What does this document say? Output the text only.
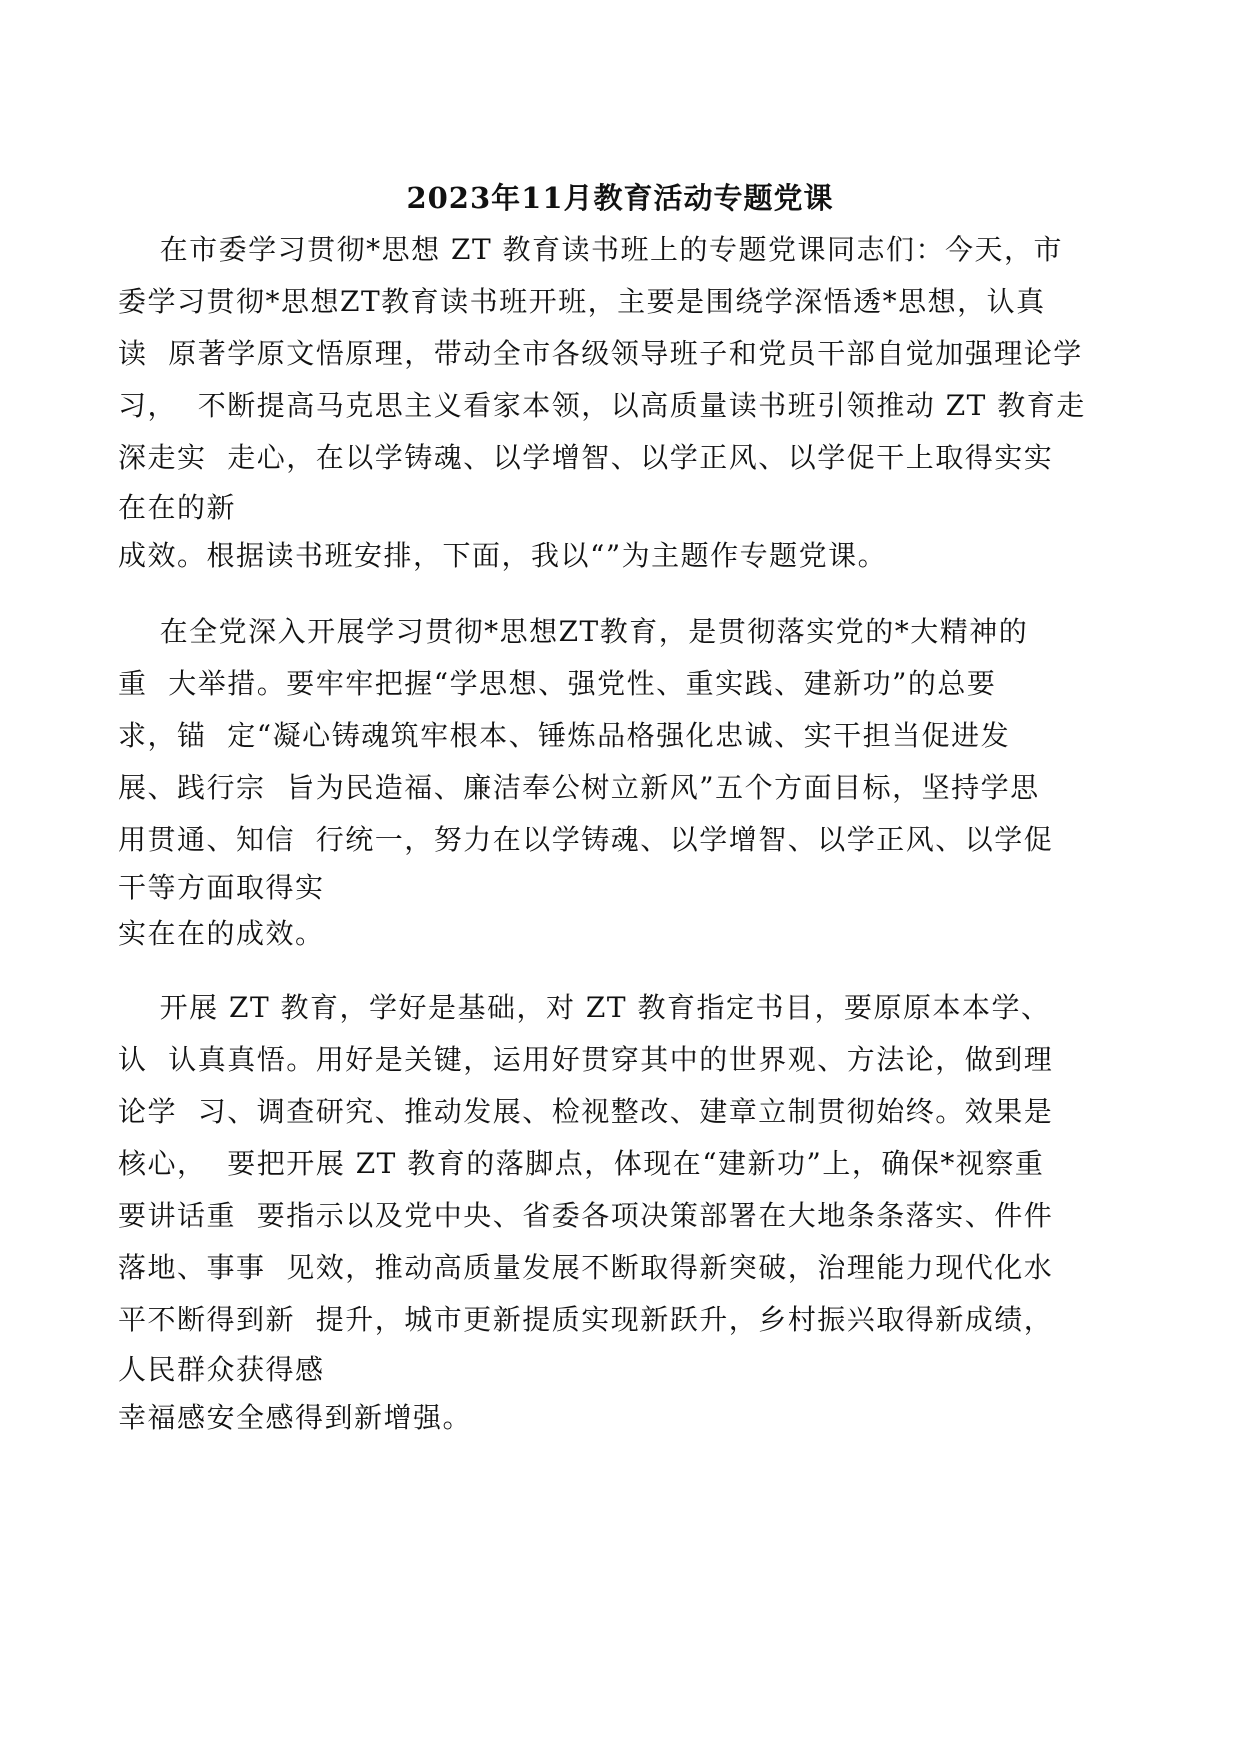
2023年11月教育活动专题党课
在市委学习贯彻*思想 ZT 教育读书班上的专题党课同志们：今天，市
委学习贯彻*思想ZT教育读书班开班，主要是围绕学深悟透*思想，认真
读  原著学原文悟原理，带动全市各级领导班子和党员干部自觉加强理论学
习，  不断提高马克思主义看家本领，以高质量读书班引领推动 ZT 教育走
深走实  走心，在以学铸魂、以学增智、以学正风、以学促干上取得实实
在在的新
成效。根据读书班安排，下面，我以“”为主题作专题党课。
在全党深入开展学习贯彻*思想ZT教育，是贯彻落实党的*大精神的
重  大举措。要牢牢把握“学思想、强党性、重实践、建新功”的总要
求，锚  定“凝心铸魂筑牢根本、锤炼品格强化忠诚、实干担当促进发
展、践行宗  旨为民造福、廉洁奉公树立新风”五个方面目标，坚持学思
用贯通、知信  行统一，努力在以学铸魂、以学增智、以学正风、以学促
干等方面取得实
实在在的成效。
开展 ZT 教育，学好是基础，对 ZT 教育指定书目，要原原本本学、
认  认真真悟。用好是关键，运用好贯穿其中的世界观、方法论，做到理
论学  习、调查研究、推动发展、检视整改、建章立制贯彻始终。效果是
核心，  要把开展 ZT 教育的落脚点，体现在“建新功”上，确保*视察重
要讲话重  要指示以及党中央、省委各项决策部署在大地条条落实、件件
落地、事事  见效，推动高质量发展不断取得新突破，治理能力现代化水
平不断得到新  提升，城市更新提质实现新跃升，乡村振兴取得新成绩，
人民群众获得感
幸福感安全感得到新增强。
